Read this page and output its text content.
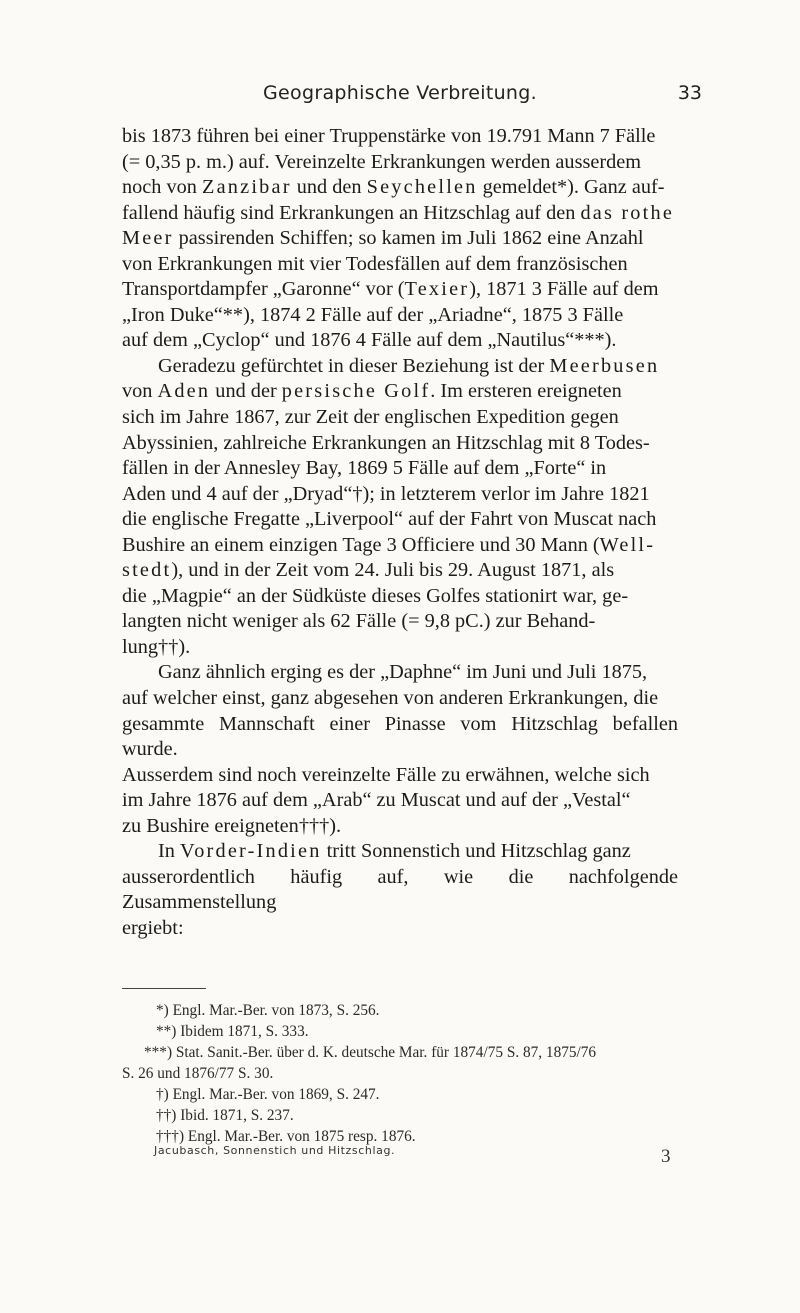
Geographische Verbreitung.	33

bis 1873 führen bei einer Truppenstärke von 19.791 Mann 7 Fälle
(= 0,35 p. m.) auf. Vereinzelte Erkrankungen werden ausserdem
noch von Zanzibar und den Seychellen gemeldet*). Ganz auf-
fallend häufig sind Erkrankungen an Hitzschlag auf den das rothe
Meer passirenden Schiffen; so kamen im Juli 1862 eine Anzahl
von Erkrankungen mit vier Todesfällen auf dem französischen
Transportdampfer „Garonne“ vor (Texier), 1871 3 Fälle auf dem
„Iron Duke“**), 1874 2 Fälle auf der „Ariadne“, 1875 3 Fälle
auf dem „Cyclop“ und 1876 4 Fälle auf dem „Nautilus“***).

Geradezu gefürchtet in dieser Beziehung ist der Meerbusen
von Aden und der persische Golf. Im ersteren ereigneten
sich im Jahre 1867, zur Zeit der englischen Expedition gegen
Abyssinien, zahlreiche Erkrankungen an Hitzschlag mit 8 Todes-
fällen in der Annesley Bay, 1869 5 Fälle auf dem „Forte“ in
Aden und 4 auf der „Dryad“†); in letzterem verlor im Jahre 1821
die englische Fregatte „Liverpool“ auf der Fahrt von Muscat nach
Bushire an einem einzigen Tage 3 Officiere und 30 Mann (Well-
stedt), und in der Zeit vom 24. Juli bis 29. August 1871, als
die „Magpie“ an der Südküste dieses Golfes stationirt war, ge-
langten nicht weniger als 62 Fälle (= 9,8 pC.) zur Behand-
lung††).

Ganz ähnlich erging es der „Daphne“ im Juni und Juli 1875,
auf welcher einst, ganz abgesehen von anderen Erkrankungen, die
gesammte Mannschaft einer Pinasse vom Hitzschlag befallen wurde.
Ausserdem sind noch vereinzelte Fälle zu erwähnen, welche sich
im Jahre 1876 auf dem „Arab“ zu Muscat und auf der „Vestal“
zu Bushire ereigneten†††).

In Vorder-Indien tritt Sonnenstich und Hitzschlag ganz
ausserordentlich häufig auf, wie die nachfolgende Zusammenstellung
ergiebt:

*) Engl. Mar.-Ber. von 1873, S. 256.
**) Ibidem 1871, S. 333.
***) Stat. Sanit.-Ber. über d. K. deutsche Mar. für 1874/75 S. 87, 1875/76
S. 26 und 1876/77 S. 30.
†) Engl. Mar.-Ber. von 1869, S. 247.
††) Ibid. 1871, S. 237.
†††) Engl. Mar.-Ber. von 1875 resp. 1876.
Jacubasch, Sonnenstich und Hitzschlag.	3
